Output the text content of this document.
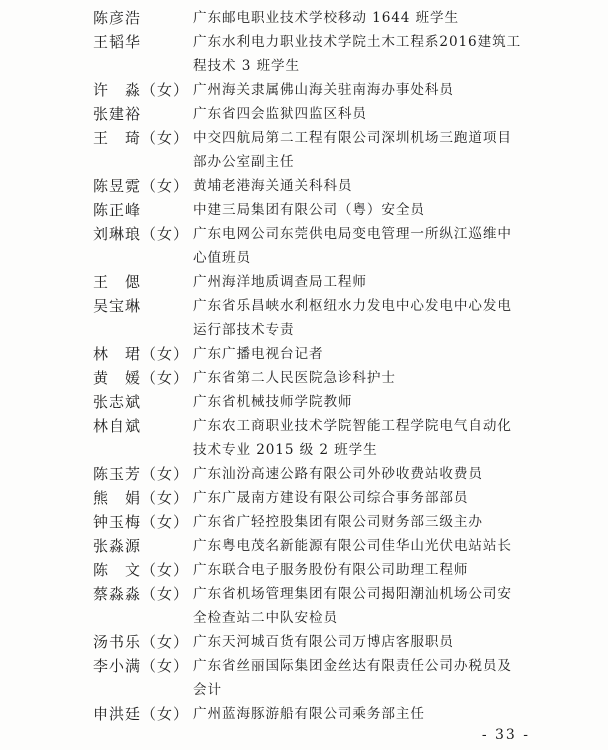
陈彦浩	广东邮电职业技术学校移动 1644 班学生
王韬华	广东水利电力职业技术学院土木工程系2016建筑工
程技术 3 班学生
许　淼（女） 广州海关隶属佛山海关驻南海办事处科员
张建裕	广东省四会监狱四监区科员
王　琦（女） 中交四航局第二工程有限公司深圳机场三跑道项目
部办公室副主任
陈昱霓（女） 黄埔老港海关通关科科员
陈正峰	中建三局集团有限公司（粤）安全员
刘琳琅（女） 广东电网公司东莞供电局变电管理一所纵江巡维中
心值班员
王　偲	广州海洋地质调查局工程师
吴宝琳	广东省乐昌峡水利枢纽水力发电中心发电中心发电
运行部技术专责
林　珺（女） 广东广播电视台记者
黄　媛（女） 广东省第二人民医院急诊科护士
张志斌	广东省机械技师学院教师
林自斌	广东农工商职业技术学院智能工程学院电气自动化
技术专业 2015 级 2 班学生
陈玉芳（女） 广东汕汾高速公路有限公司外砂收费站收费员
熊　娟（女） 广东广晟南方建设有限公司综合事务部部员
钟玉梅（女） 广东省广轻控股集团有限公司财务部三级主办
张淼源	广东粤电茂名新能源有限公司佳华山光伏电站站长
陈　文（女） 广东联合电子服务股份有限公司助理工程师
蔡淼淼（女） 广东省机场管理集团有限公司揭阳潮汕机场公司安
全检查站二中队安检员
汤书乐（女） 广东天河城百货有限公司万博店客服职员
李小满（女） 广东省丝丽国际集团金丝达有限责任公司办税员及
会计
申洪廷（女） 广州蓝海豚游船有限公司乘务部主任
- 33 -
